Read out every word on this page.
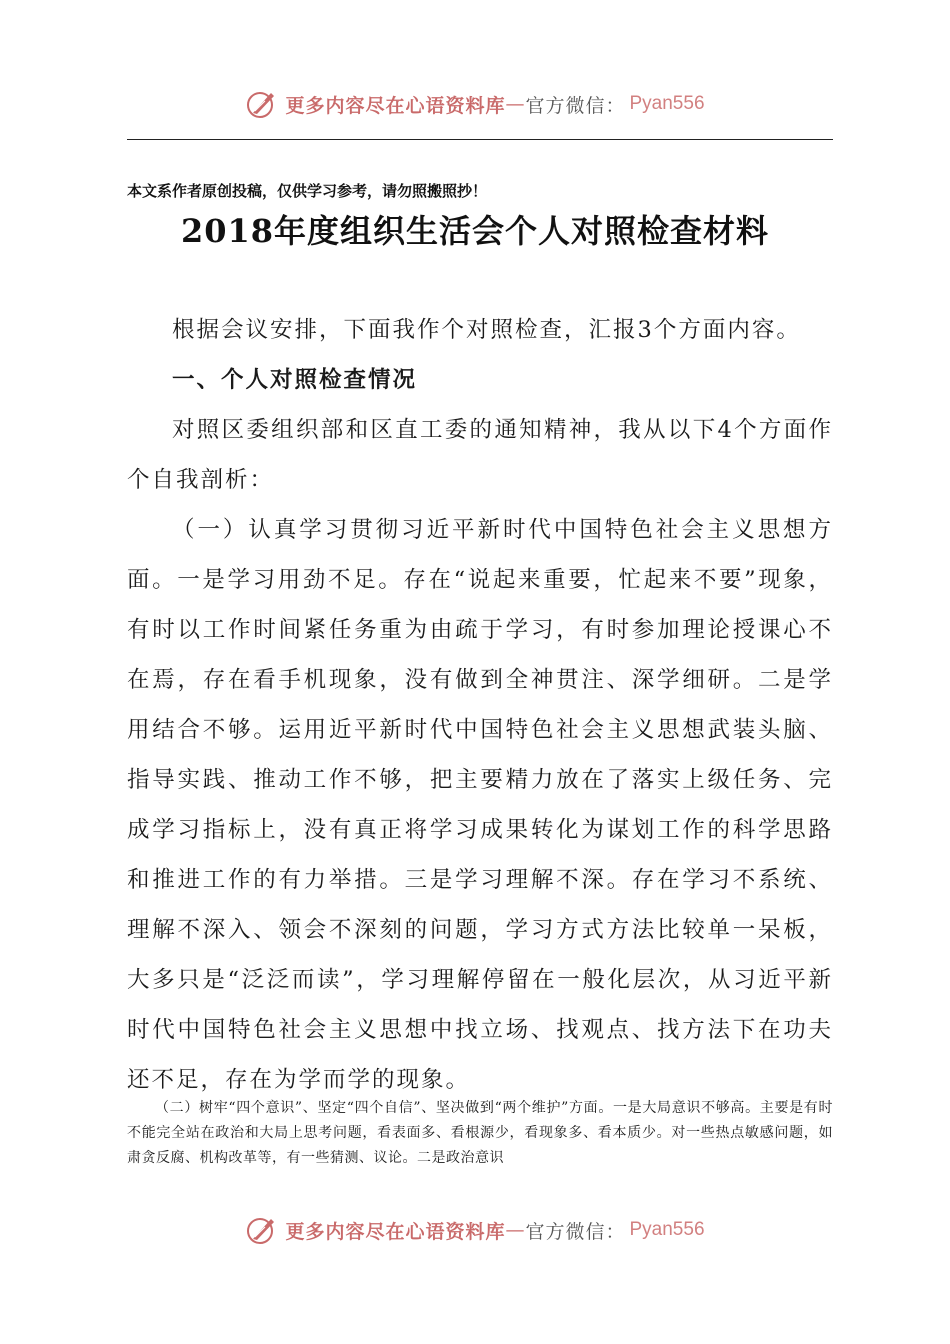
更多内容尽在心语资料库 — 官方微信： Pyan556
本文系作者原创投稿，仅供学习参考，请勿照搬照抄！
2018年度组织生活会个人对照检查材料
根据会议安排，下面我作个对照检查，汇报3个方面内容。
一、个人对照检查情况
对照区委组织部和区直工委的通知精神，我从以下4个方面作个自我剖析：
（一）认真学习贯彻习近平新时代中国特色社会主义思想方面。一是学习用劲不足。存在“说起来重要，忙起来不要”现象，有时以工作时间紧任务重为由疏于学习，有时参加理论授课心不在焉，存在看手机现象，没有做到全神贯注、深学细研。二是学用结合不够。运用近平新时代中国特色社会主义思想武装头脑、指导实践、推动工作不够，把主要精力放在了落实上级任务、完成学习指标上，没有真正将学习成果转化为谋划工作的科学思路和推进工作的有力举措。三是学习理解不深。存在学习不系统、理解不深入、领会不深刻的问题，学习方式方法比较单一呆板，大多只是“泛泛而读”，学习理解停留在一般化层次，从习近平新时代中国特色社会主义思想中找立场、找观点、找方法下在功夫还不足，存在为学而学的现象。
（二）树牢“四个意识”、坚定“四个自信”、坚决做到“两个维护”方面。一是大局意识不够高。主要是有时不能完全站在政治和大局上思考问题，看表面多、看根源少，看现象多、看本质少。对一些热点敏感问题，如肃贪反腐、机构改革等，有一些猜测、议论。二是政治意识
更多内容尽在心语资料库 — 官方微信： Pyan556
